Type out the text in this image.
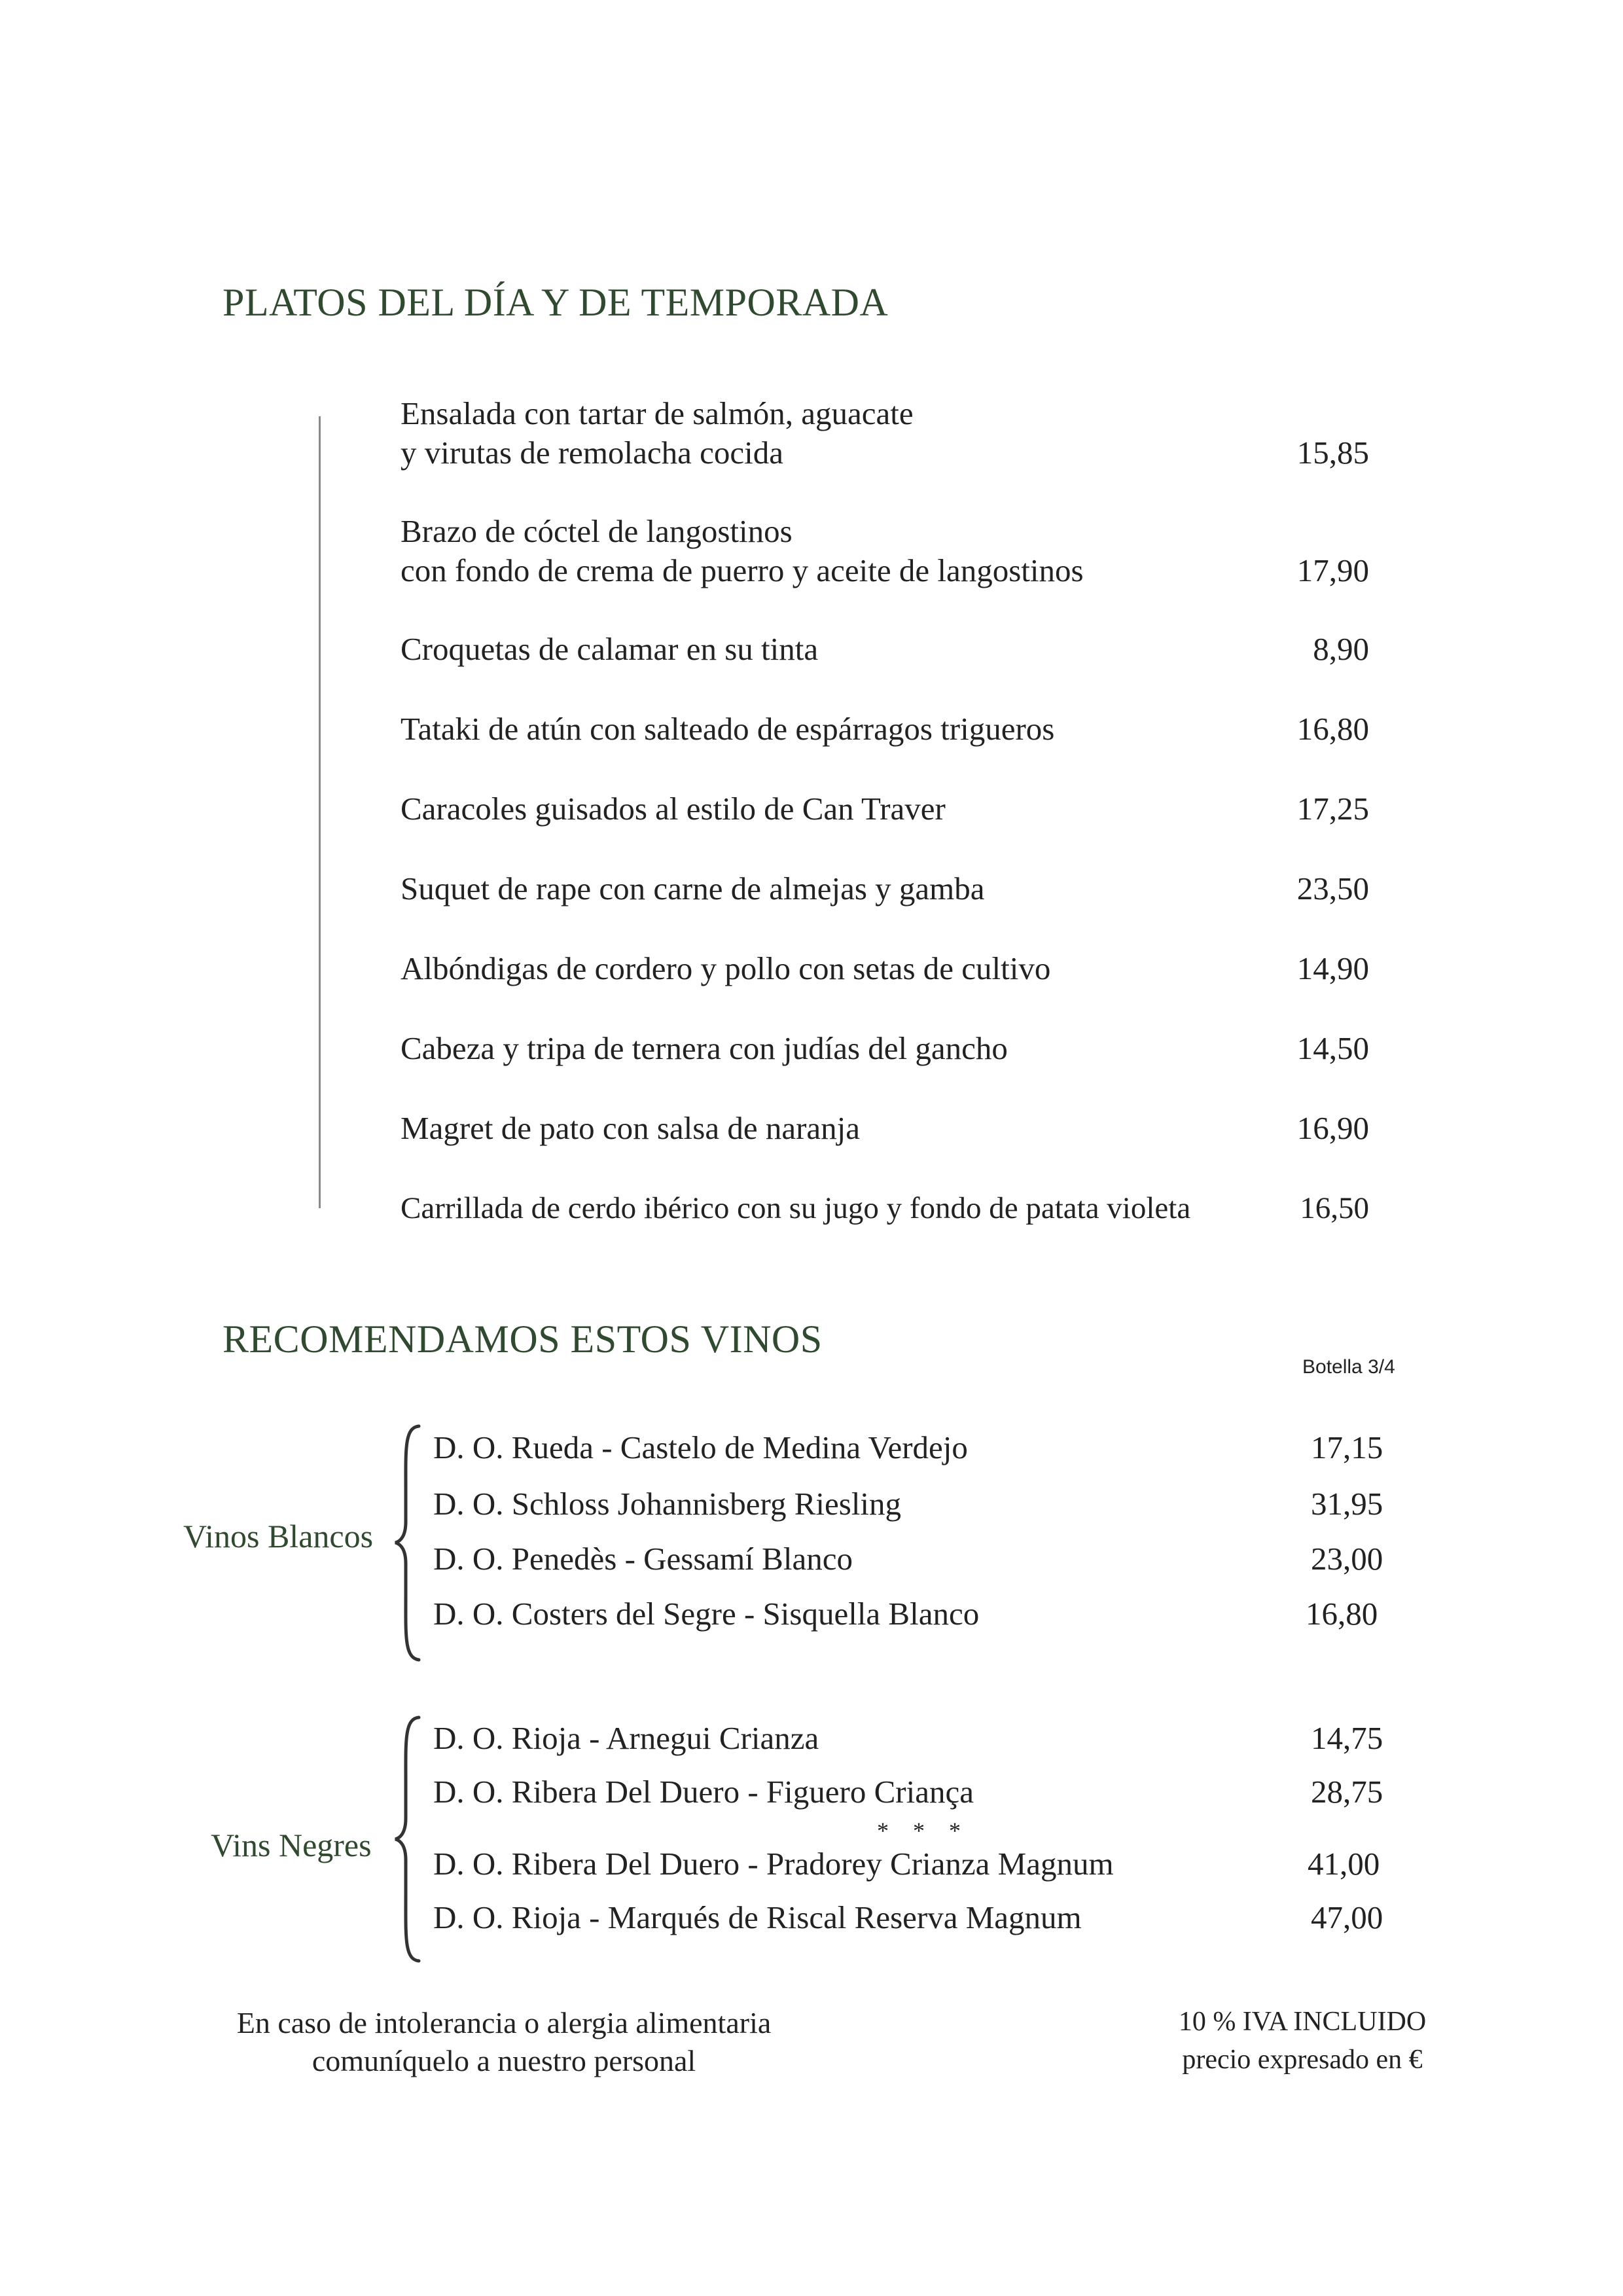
PLATOS DEL DÍA Y DE TEMPORADA
Ensalada con tartar de salmón, aguacate
y virutas de remolacha cocida	15,85
Brazo de cóctel de langostinos
con fondo de crema de puerro y aceite de langostinos	17,90
Croquetas de calamar en su tinta	8,90
Tataki de atún con salteado de espárragos trigueros	16,80
Caracoles guisados al estilo de Can Traver	17,25
Suquet de rape con carne de almejas y gamba	23,50
Albóndigas de cordero y pollo con setas de cultivo	14,90
Cabeza y tripa de ternera con judías del gancho	14,50
Magret de pato con salsa de naranja	16,90
Carrillada de cerdo ibérico con su jugo y fondo de patata violeta	16,50
RECOMENDAMOS ESTOS VINOS
Botella 3/4
Vinos Blancos
D. O. Rueda - Castelo de Medina Verdejo	17,15
D. O. Schloss Johannisberg Riesling	31,95
D. O. Penedès - Gessamí Blanco	23,00
D. O. Costers del Segre - Sisquella Blanco	16,80
Vins Negres
D. O. Rioja - Arnegui Crianza	14,75
D. O. Ribera Del Duero - Figuero Criança	28,75
* * *
D. O. Ribera Del Duero - Pradorey Crianza Magnum	41,00
D. O. Rioja - Marqués de Riscal Reserva Magnum	47,00
En caso de intolerancia o alergia alimentaria
comuníquelo a nuestro personal
10 % IVA INCLUIDO
precio expresado en €
